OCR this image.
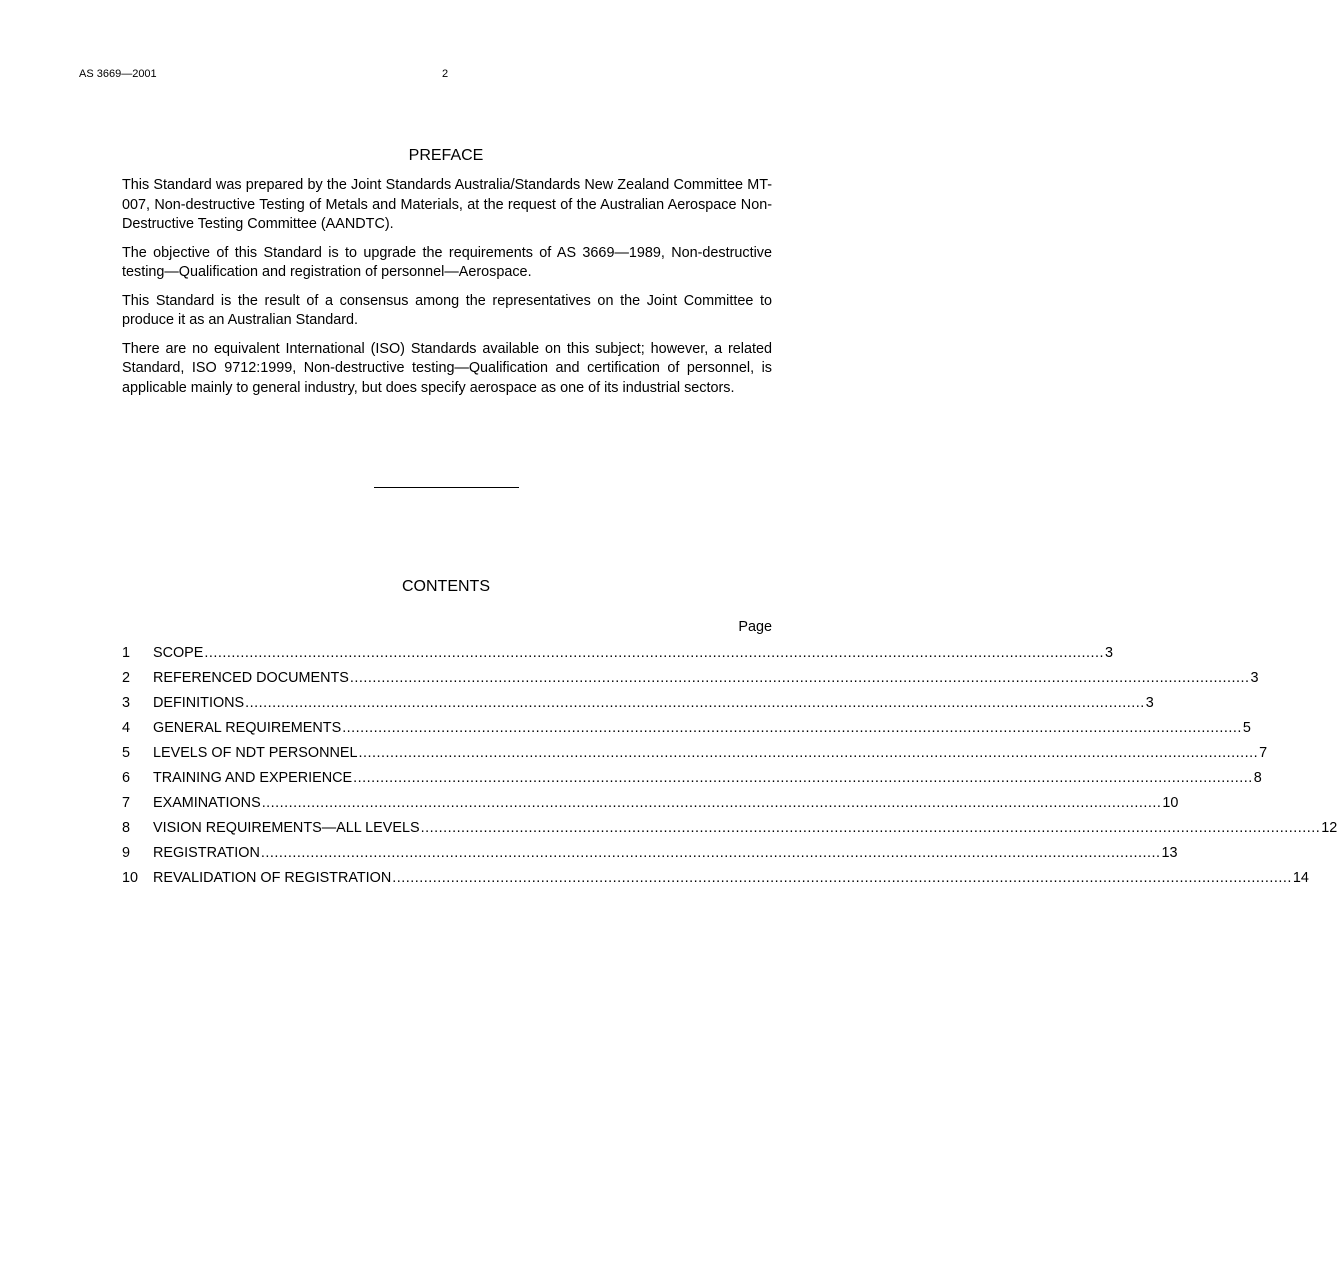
AS 3669—2001	2
PREFACE

This Standard was prepared by the Joint Standards Australia/Standards New Zealand Committee MT-007, Non-destructive Testing of Metals and Materials, at the request of the Australian Aerospace Non-Destructive Testing Committee (AANDTC).

The objective of this Standard is to upgrade the requirements of AS 3669—1989, Non-destructive testing—Qualification and registration of personnel—Aerospace.

This Standard is the result of a consensus among the representatives on the Joint Committee to produce it as an Australian Standard.

There are no equivalent International (ISO) Standards available on this subject; however, a related Standard, ISO 9712:1999, Non-destructive testing—Qualification and certification of personnel, is applicable mainly to general industry, but does specify aerospace as one of its industrial sectors.

CONTENTS
Page
1	SCOPE ........................................................................................................................................................................................................ 3
2	REFERENCED DOCUMENTS ........................................................................................................................................................................................................ 3
3	DEFINITIONS ........................................................................................................................................................................................................ 3
4	GENERAL REQUIREMENTS ........................................................................................................................................................................................................ 5
5	LEVELS OF NDT PERSONNEL ........................................................................................................................................................................................................ 7
6	TRAINING AND EXPERIENCE ........................................................................................................................................................................................................ 8
7	EXAMINATIONS ........................................................................................................................................................................................................ 10
8	VISION REQUIREMENTS—ALL LEVELS ........................................................................................................................................................................................................ 12
9	REGISTRATION ........................................................................................................................................................................................................ 13
10	REVALIDATION OF REGISTRATION ........................................................................................................................................................................................................ 14
